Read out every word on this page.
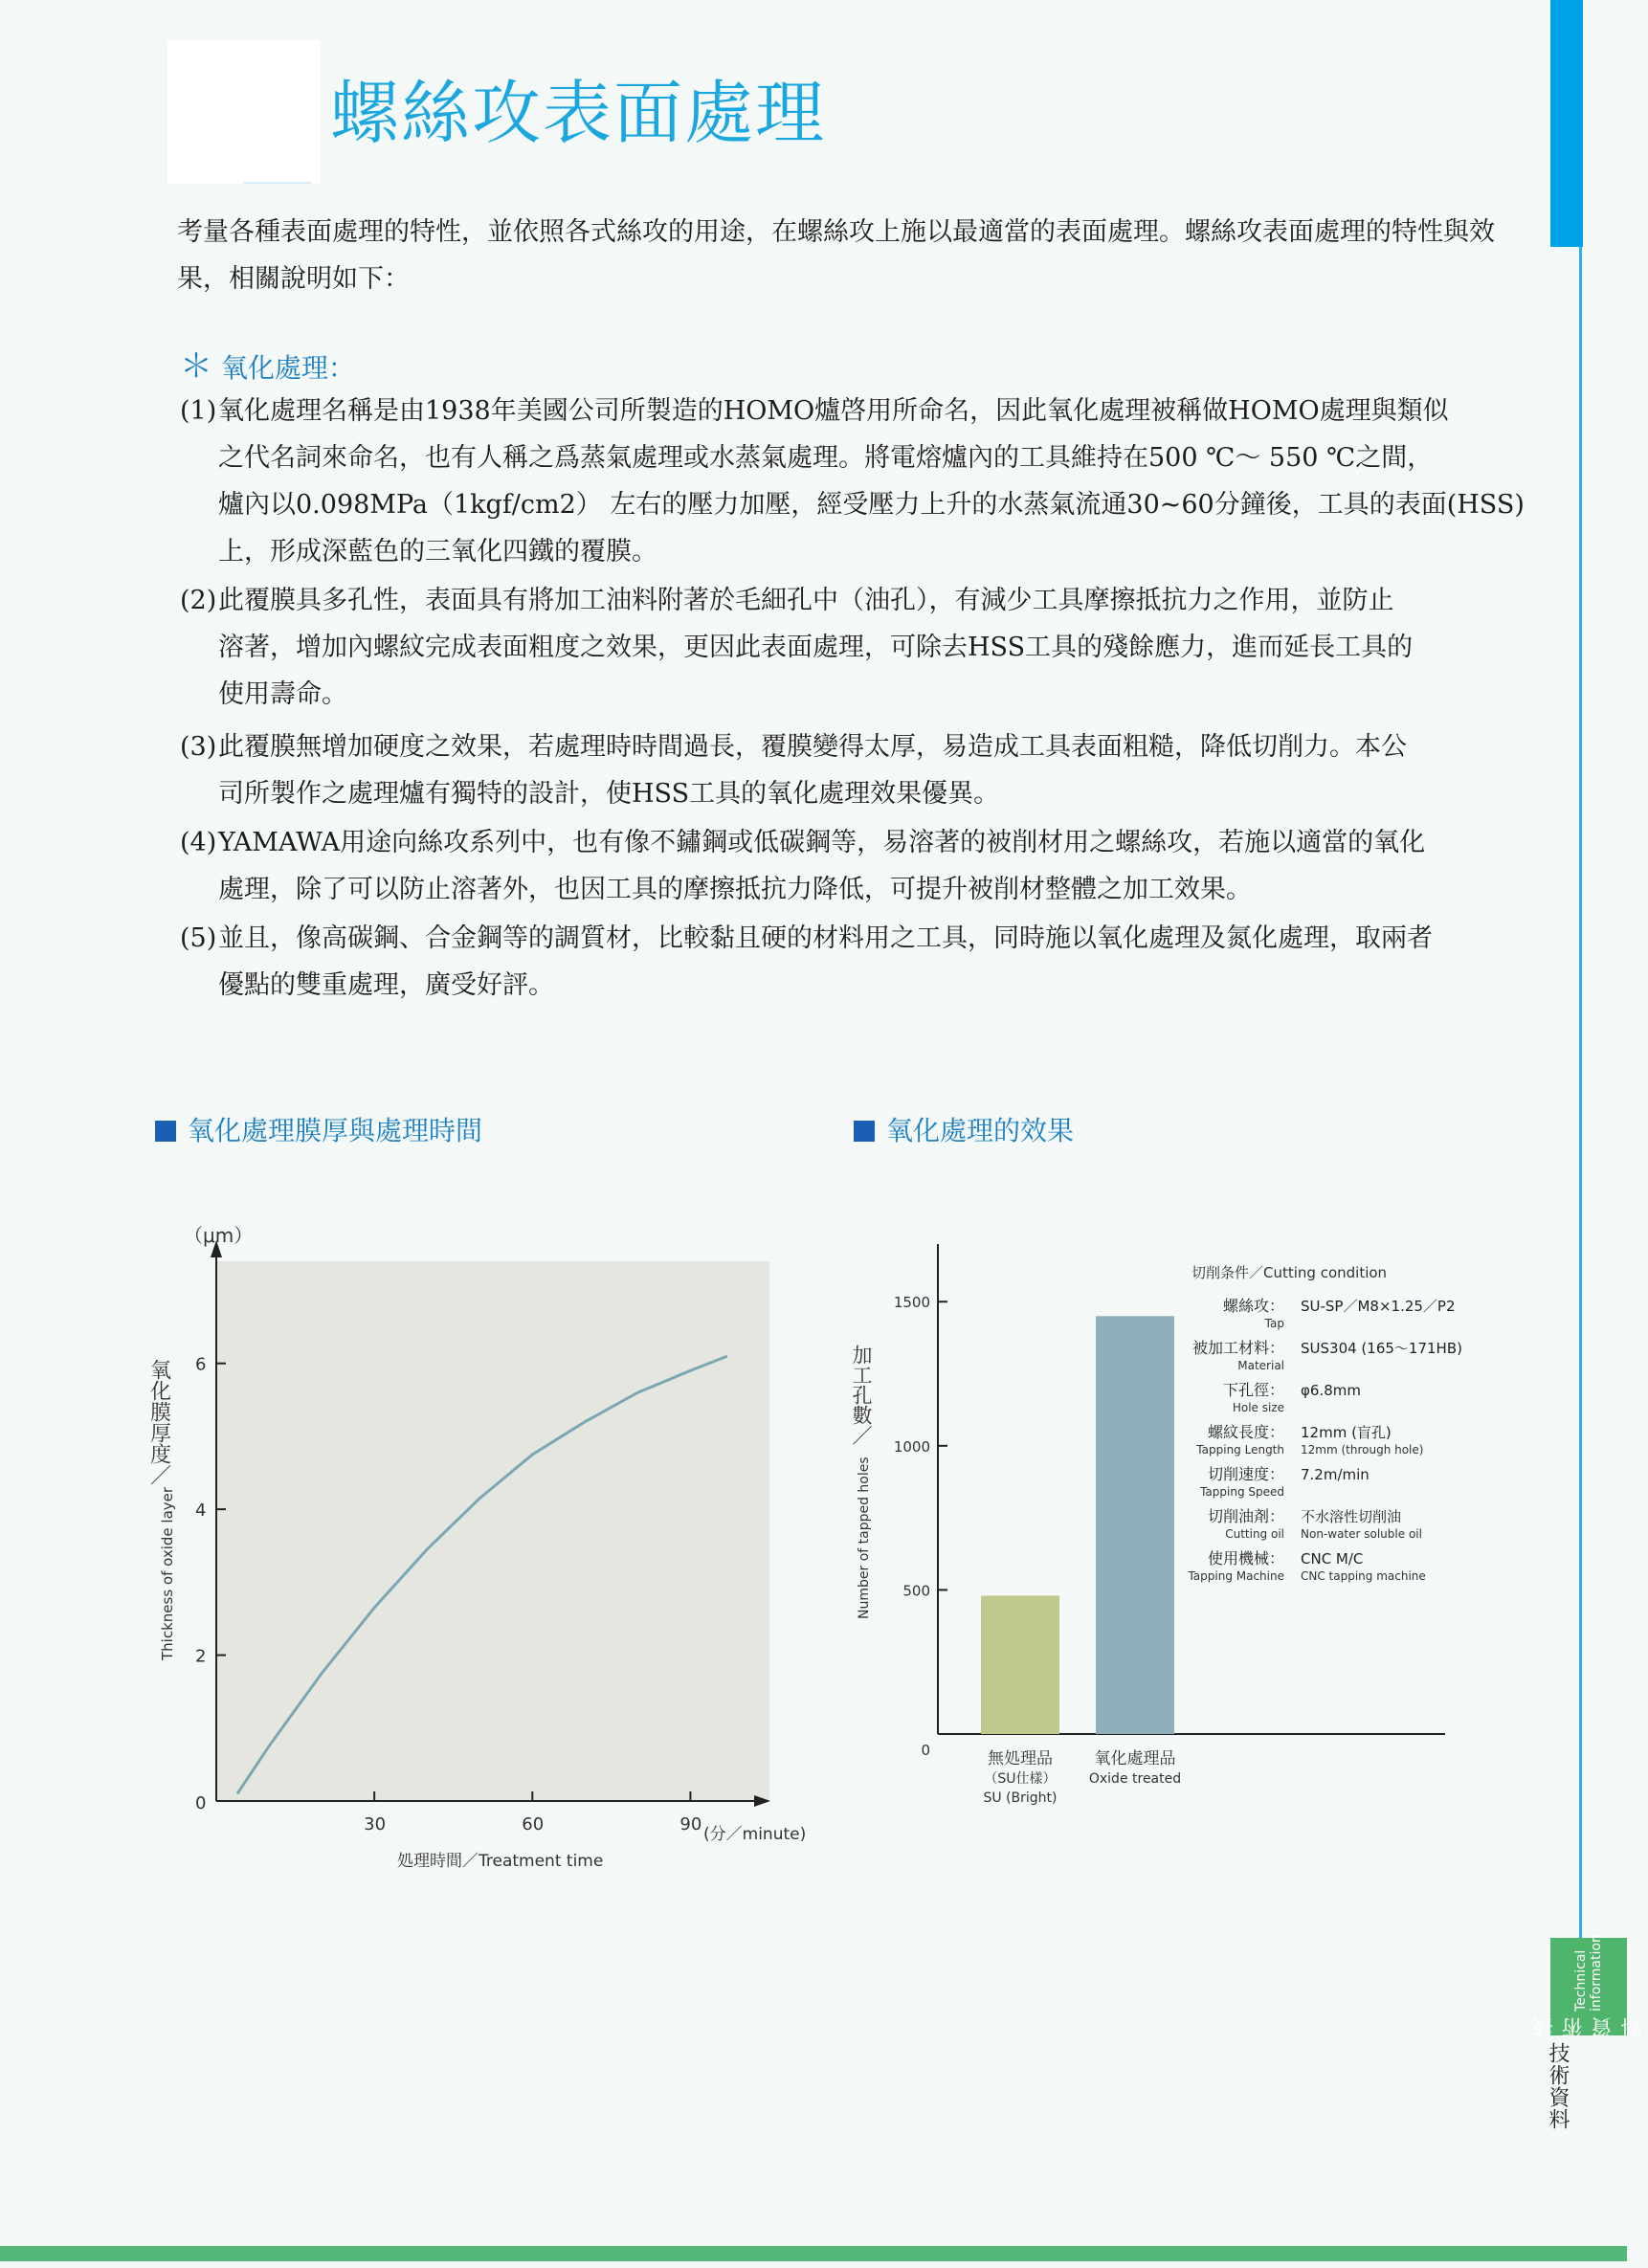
技術資料
Technical information
技術資料
螺絲攻表面處理
考量各種表面處理的特性，並依照各式絲攻的用途，在螺絲攻上施以最適當的表面處理。螺絲攻表面處理的特性與效果，相關說明如下：
＊ 氧化處理：
(1)氧化處理名稱是由1938年美國公司所製造的HOMO爐啓用所命名，因此氧化處理被稱做HOMO處理與類似
之代名詞來命名，也有人稱之爲蒸氣處理或水蒸氣處理。將電熔爐內的工具維持在500 ℃～ 550 ℃之間，
爐內以0.098MPa（1kgf/cm2） 左右的壓力加壓，經受壓力上升的水蒸氣流通30~60分鐘後，工具的表面(HSS)
上，形成深藍色的三氧化四鐵的覆膜。
(2)此覆膜具多孔性，表面具有將加工油料附著於毛細孔中（油孔），有減少工具摩擦抵抗力之作用，並防止
溶著，增加內螺紋完成表面粗度之效果，更因此表面處理，可除去HSS工具的殘餘應力，進而延長工具的
使用壽命。
(3)此覆膜無增加硬度之效果，若處理時時間過長，覆膜變得太厚，易造成工具表面粗糙，降低切削力。本公
司所製作之處理爐有獨特的設計，使HSS工具的氧化處理效果優異。
(4)YAMAWA用途向絲攻系列中，也有像不鏽鋼或低碳鋼等，易溶著的被削材用之螺絲攻，若施以適當的氧化
處理，除了可以防止溶著外，也因工具的摩擦抵抗力降低，可提升被削材整體之加工效果。
(5)並且，像高碳鋼、合金鋼等的調質材，比較黏且硬的材料用之工具，同時施以氧化處理及氮化處理，取兩者
優點的雙重處理，廣受好評。
氧化處理膜厚與處理時間	氧化處理的效果
（μm）
(分／minute)
処理時間／Treatment time
0
2
4
6
30	60	90
氧化膜厚度／
Thickness of oxide layer
0
500
1000
1500
無処理品
（SU仕樣）
SU (Bright)
氧化處理品
Oxide treated
加工孔數／
Number of tapped holes
切削条件／Cutting condition
螺絲攻：
Tap
SU-SP／M8×1.25／P2
被加工材料：
Material
SUS304 (165～171HB)
下孔徑：
Hole size
φ6.8mm
螺紋長度：
Tapping Length
12mm (盲孔)
12mm (through hole)
切削速度：
Tapping Speed
7.2m/min
切削油剤：
Cutting oil
不水溶性切削油
Non-water soluble oil
使用機械：
Tapping Machine
CNC M/C
CNC tapping machine
